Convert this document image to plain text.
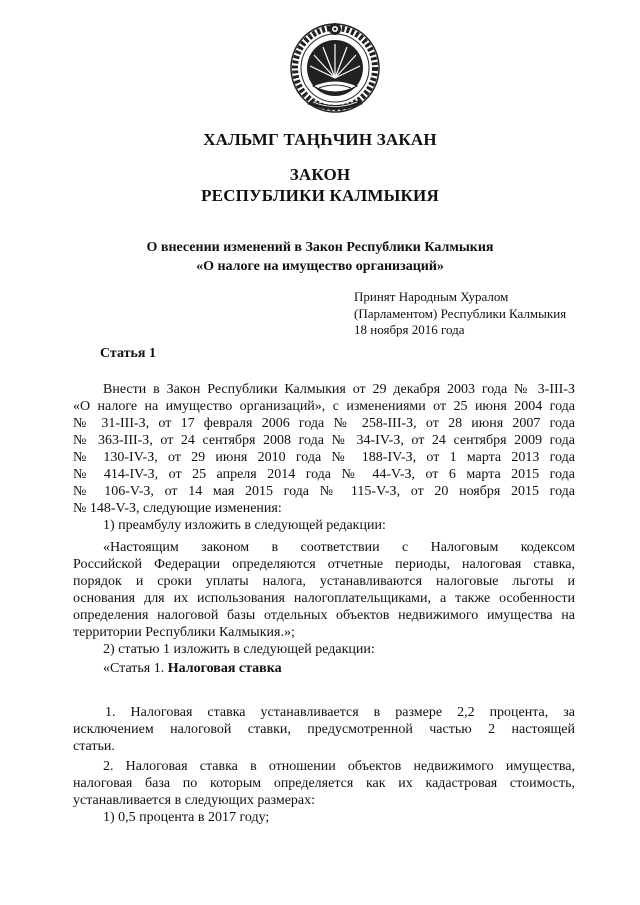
ХАЛЬМГ ТАҢҺЧИН ЗАКАН

ЗАКОН

РЕСПУБЛИКИ КАЛМЫКИЯ

О внесении изменений в Закон Республики Калмыкия

«О налоге на имущество организаций»

Принят Народным Хуралом

(Парламентом) Республики Калмыкия

18 ноября 2016 года

Статья 1

Внести в Закон Республики Калмыкия от 29 декабря 2003 года № 3-III-З

«О налоге на имущество организаций», с изменениями от 25 июня 2004 года

№ 31-III-З, от 17 февраля 2006 года № 258-III-З, от 28 июня 2007 года

№ 363-III-З, от 24 сентября 2008 года № 34-IV-З, от 24 сентября 2009 года

№ 130-IV-З, от 29 июня 2010 года № 188-IV-З, от 1 марта 2013 года

№ 414-IV-З, от 25 апреля 2014 года № 44-V-З, от 6 марта 2015 года

№ 106-V-З, от 14 мая 2015 года № 115-V-З, от 20 ноября 2015 года

№ 148-V-З, следующие изменения:

1) преамбулу изложить в следующей редакции:

«Настоящим законом в соответствии с Налоговым кодексом

Российской Федерации определяются отчетные периоды, налоговая ставка,

порядок и сроки уплаты налога, устанавливаются налоговые льготы и

основания для их использования налогоплательщиками, а также особенности

определения налоговой базы отдельных объектов недвижимого имущества на

территории Республики Калмыкия.»;

2) статью 1 изложить в следующей редакции:

«Статья 1. Налоговая ставка

1. Налоговая ставка устанавливается в размере 2,2 процента, за

исключением налоговой ставки, предусмотренной частью 2 настоящей

статьи.

2. Налоговая ставка в отношении объектов недвижимого имущества,

налоговая база по которым определяется как их кадастровая стоимость,

устанавливается в следующих размерах:

1) 0,5 процента в 2017 году;
